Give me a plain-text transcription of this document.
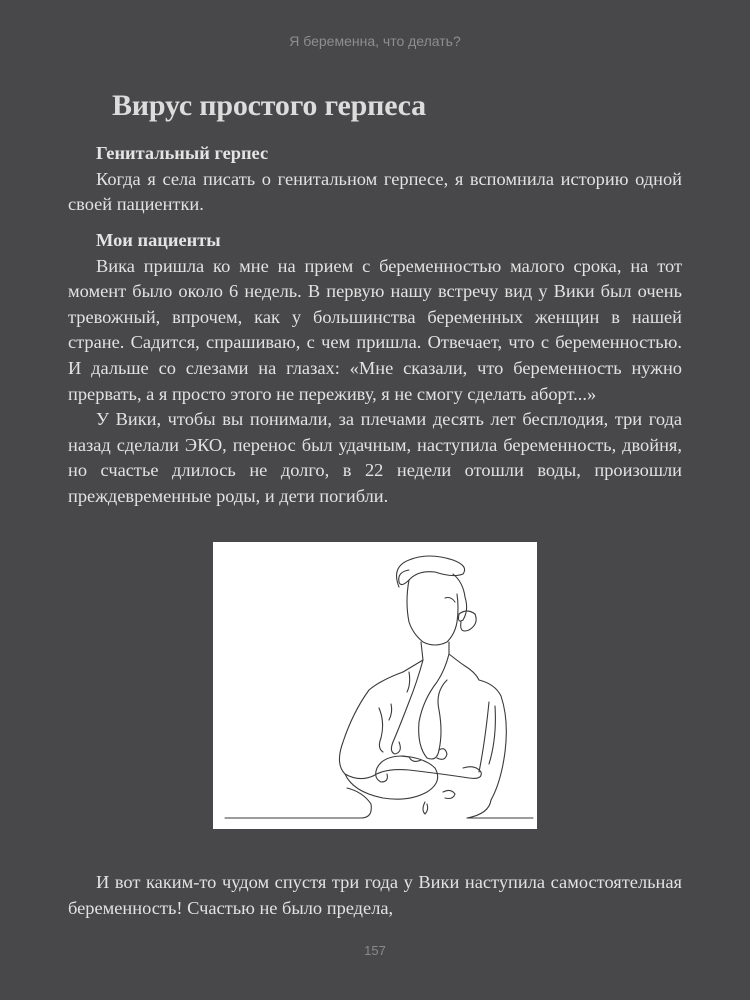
Я беременна, что делать?
Вирус простого герпеса
Генитальный герпес

Когда я села писать о генитальном герпесе, я вспомнила историю одной своей пациентки.

Мои пациенты

Вика пришла ко мне на прием с беременностью малого срока, на тот момент было около 6 недель. В первую нашу встречу вид у Вики был очень тревожный, впрочем, как у большинства беременных женщин в нашей стране. Садится, спрашиваю, с чем пришла. Отвечает, что с беременностью. И дальше со слезами на глазах: «Мне сказали, что беременность нужно прервать, а я просто этого не переживу, я не смогу сделать аборт...»

У Вики, чтобы вы понимали, за плечами десять лет бесплодия, три года назад сделали ЭКО, перенос был удачным, наступила беременность, двойня, но счастье длилось не долго, в 22 недели отошли воды, произошли преждевременные роды, и дети погибли.

И вот каким-то чудом спустя три года у Вики наступила самостоятельная беременность! Счастью не было предела,

157
